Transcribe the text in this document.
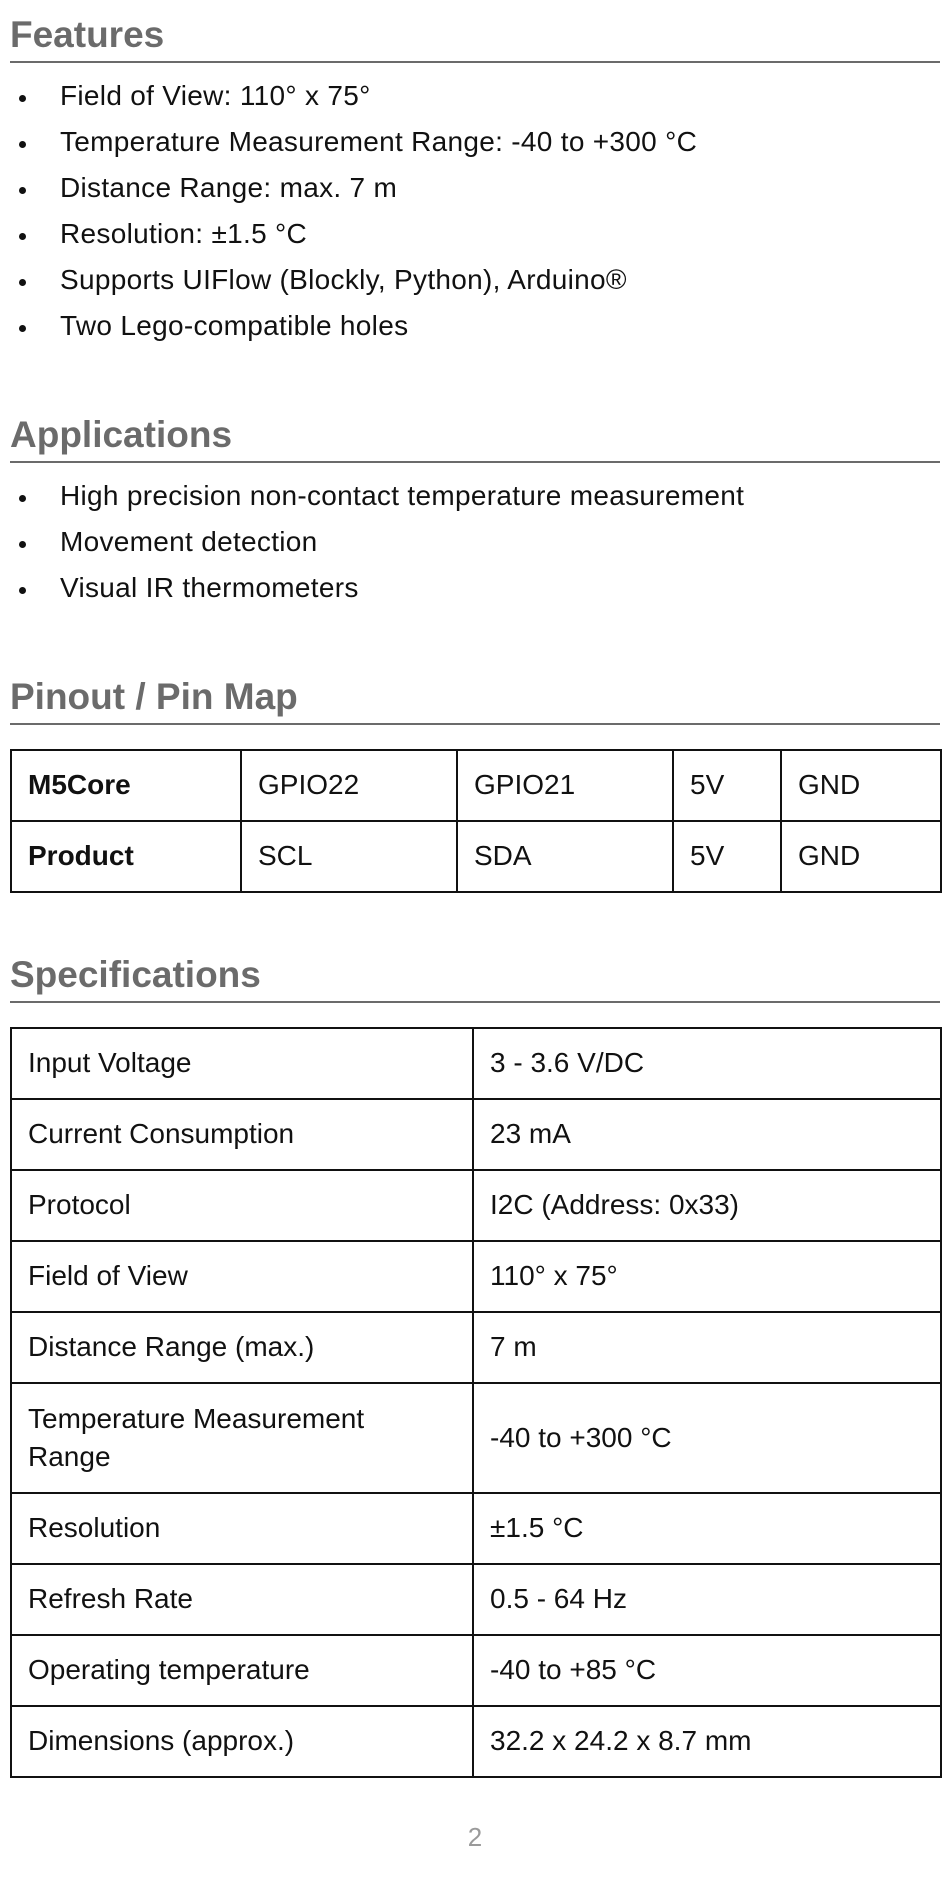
Features
Field of View: 110° x 75°
Temperature Measurement Range: -40 to +300 °C
Distance Range: max. 7 m
Resolution: ±1.5 °C
Supports UIFlow (Blockly, Python), Arduino®
Two Lego-compatible holes
Applications
High precision non-contact temperature measurement
Movement detection
Visual IR thermometers
Pinout / Pin Map
M5Core	GPIO22	GPIO21	5V	GND
Product	SCL	SDA	5V	GND
Specifications
Input Voltage	3 - 3.6 V/DC
Current Consumption	23 mA
Protocol	I2C (Address: 0x33)
Field of View	110° x 75°
Distance Range (max.)	7 m
Temperature Measurement Range	-40 to +300 °C
Resolution	±1.5 °C
Refresh Rate	0.5 - 64 Hz
Operating temperature	-40 to +85 °C
Dimensions (approx.)	32.2 x 24.2 x 8.7 mm
2
